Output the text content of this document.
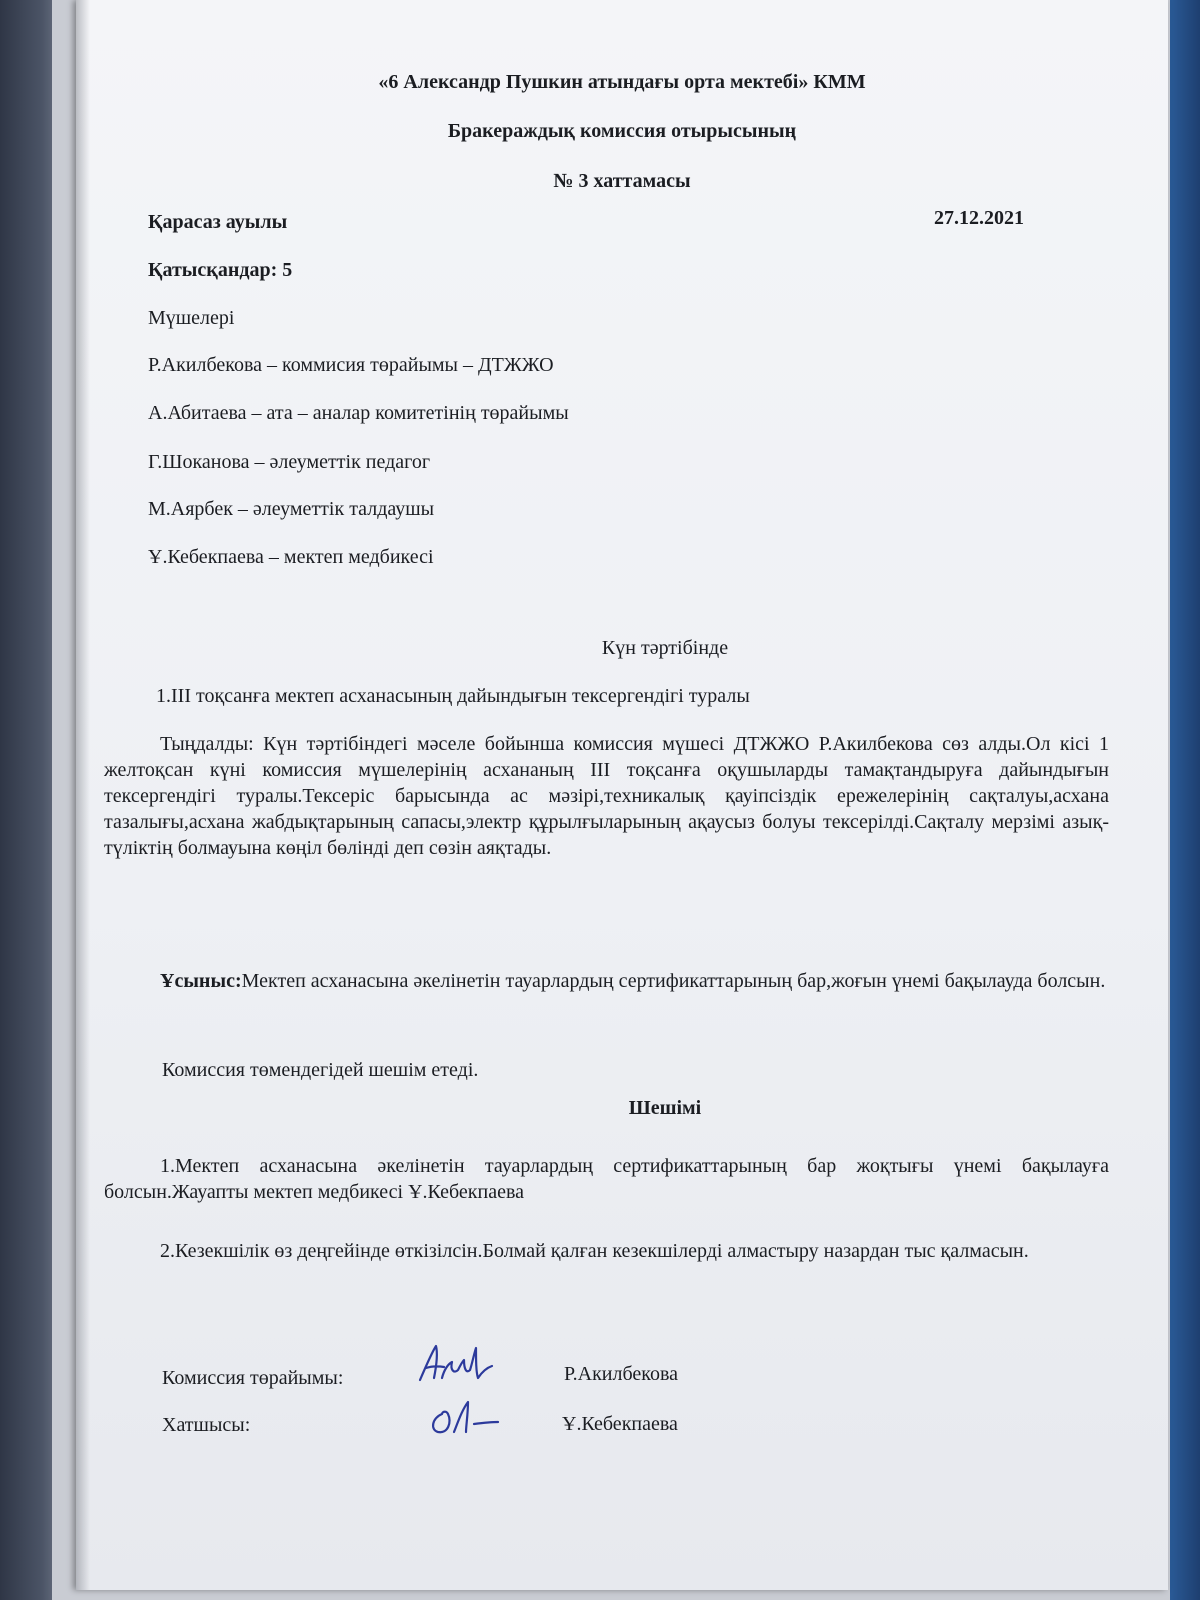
«6 Александр Пушкин атындағы орта мектебі» КММ
Бракераждық комиссия отырысының
№ 3 хаттамасы
Қарасаз ауылы	27.12.2021
Қатысқандар: 5
Мүшелері
Р.Акилбекова – коммисия төрайымы – ДТЖЖО
А.Абитаева – ата – аналар комитетінің төрайымы
Г.Шоканова – әлеуметтік педагог
М.Аярбек – әлеуметтік талдаушы
Ұ.Кебекпаева – мектеп медбикесі
Күн тәртібінде
1.ІІІ тоқсанға мектеп асханасының дайындығын тексергендігі туралы
Тыңдалды: Күн тәртібіндегі мәселе бойынша комиссия мүшесі ДТЖЖО Р.Акилбекова сөз алды.Ол кісі 1 желтоқсан күні комиссия мүшелерінің асхананың ІІІ тоқсанға оқушыларды тамақтандыруға дайындығын тексергендігі туралы.Тексеріс барысында ас мәзірі,техникалық қауіпсіздік ережелерінің сақталуы,асхана тазалығы,асхана жабдықтарының сапасы,электр құрылғыларының ақаусыз болуы тексерілді.Сақталу мерзімі азық- түліктің болмауына көңіл бөлінді деп сөзін аяқтады.
Ұсыныс:Мектеп асханасына әкелінетін тауарлардың сертификаттарының бар,жоғын үнемі бақылауда болсын.
Комиссия төмендегідей шешім етеді.
Шешімі
1.Мектеп асханасына әкелінетін тауарлардың сертификаттарының бар жоқтығы үнемі бақылауға болсын.Жауапты мектеп медбикесі Ұ.Кебекпаева
2.Кезекшілік өз деңгейінде өткізілсін.Болмай қалған кезекшілерді алмастыру назардан тыс қалмасын.
Комиссия төрайымы:	Р.Акилбекова
Хатшысы:	Ұ.Кебекпаева
